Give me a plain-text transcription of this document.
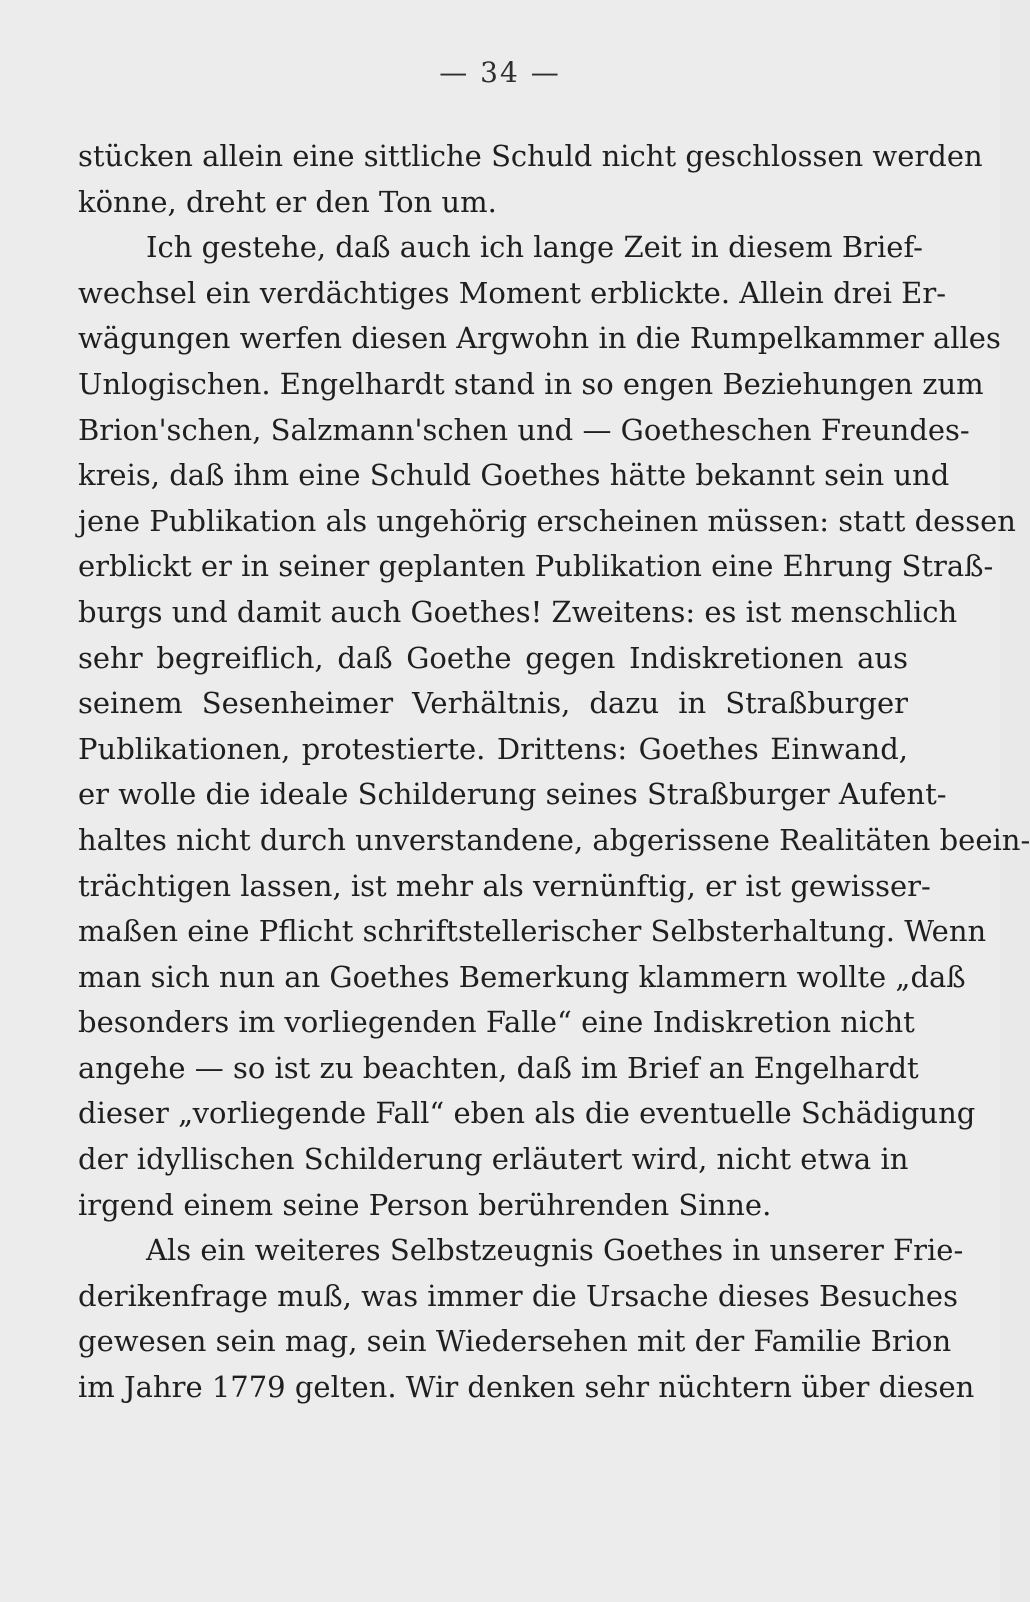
— 34 —
stücken allein eine sittliche Schuld nicht geschlossen werden
könne, dreht er den Ton um.
Ich gestehe, daß auch ich lange Zeit in diesem Brief-
wechsel ein verdächtiges Moment erblickte. Allein drei Er-
wägungen werfen diesen Argwohn in die Rumpelkammer alles
Unlogischen. Engelhardt stand in so engen Beziehungen zum
Brion'schen, Salzmann'schen und — Goetheschen Freundes-
kreis, daß ihm eine Schuld Goethes hätte bekannt sein und
jene Publikation als ungehörig erscheinen müssen: statt dessen
erblickt er in seiner geplanten Publikation eine Ehrung Straß-
burgs und damit auch Goethes! Zweitens: es ist menschlich
sehr begreiflich, daß Goethe gegen Indiskretionen aus
seinem Sesenheimer Verhältnis, dazu in Straßburger
Publikationen, protestierte. Drittens: Goethes Einwand,
er wolle die ideale Schilderung seines Straßburger Aufent-
haltes nicht durch unverstandene, abgerissene Realitäten beein-
trächtigen lassen, ist mehr als vernünftig, er ist gewisser-
maßen eine Pflicht schriftstellerischer Selbsterhaltung. Wenn
man sich nun an Goethes Bemerkung klammern wollte „daß
besonders im vorliegenden Falle“ eine Indiskretion nicht
angehe — so ist zu beachten, daß im Brief an Engelhardt
dieser „vorliegende Fall“ eben als die eventuelle Schädigung
der idyllischen Schilderung erläutert wird, nicht etwa in
irgend einem seine Person berührenden Sinne.
Als ein weiteres Selbstzeugnis Goethes in unserer Frie-
derikenfrage muß, was immer die Ursache dieses Besuches
gewesen sein mag, sein Wiedersehen mit der Familie Brion
im Jahre 1779 gelten. Wir denken sehr nüchtern über diesen
